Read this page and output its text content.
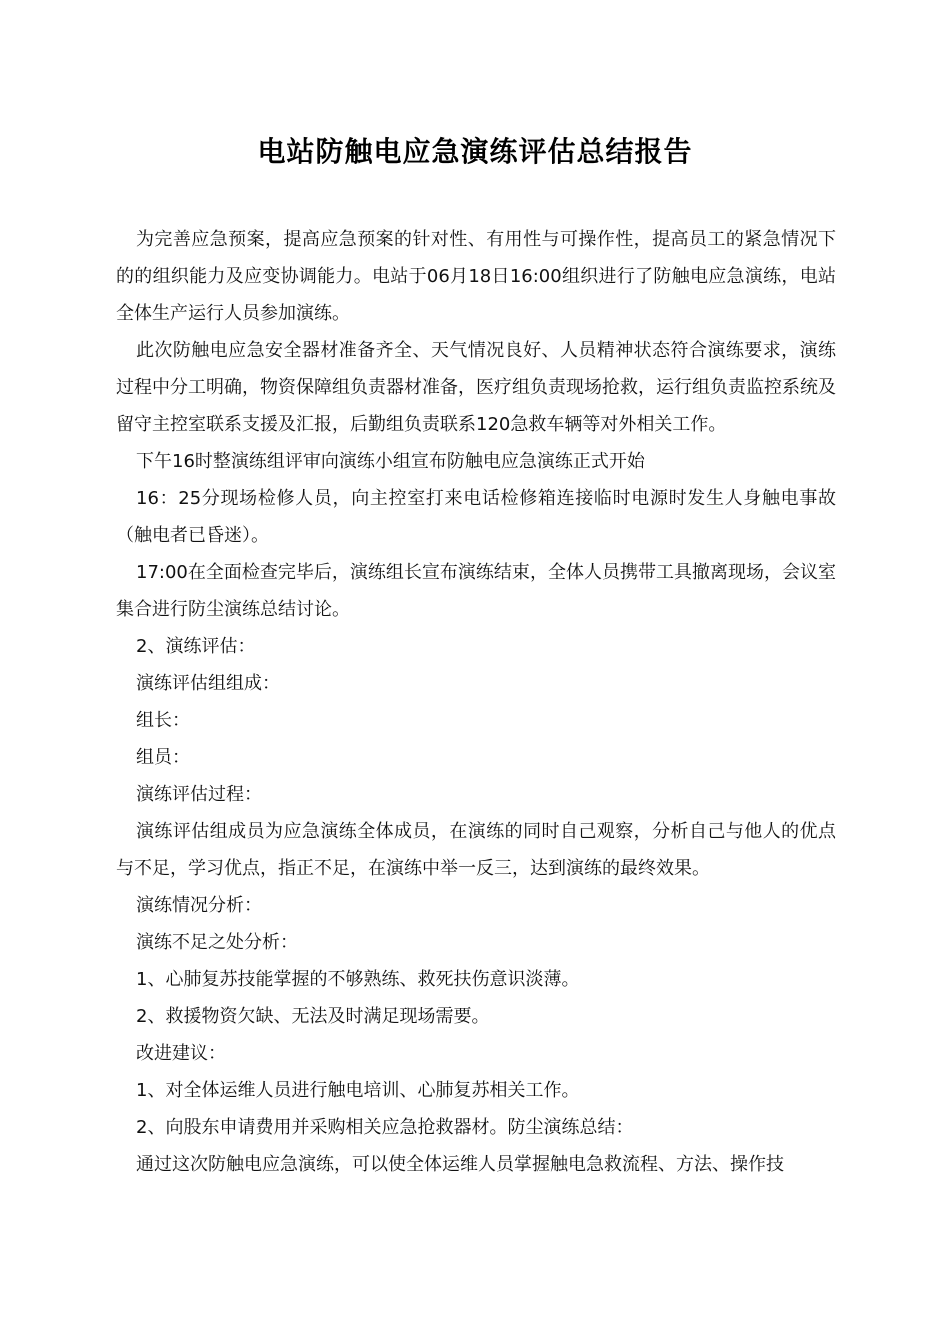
电站防触电应急演练评估总结报告

为完善应急预案，提高应急预案的针对性、有用性与可操作性，提高员工的紧急情况下的的组织能力及应变协调能力。电站于06月18日16:00组织进行了防触电应急演练，电站全体生产运行人员参加演练。

此次防触电应急安全器材准备齐全、天气情况良好、人员精神状态符合演练要求，演练过程中分工明确，物资保障组负责器材准备，医疗组负责现场抢救，运行组负责监控系统及留守主控室联系支援及汇报，后勤组负责联系120急救车辆等对外相关工作。

下午16时整演练组评审向演练小组宣布防触电应急演练正式开始

16：25分现场检修人员，向主控室打来电话检修箱连接临时电源时发生人身触电事故（触电者已昏迷）。

17:00在全面检查完毕后，演练组长宣布演练结束，全体人员携带工具撤离现场，会议室集合进行防尘演练总结讨论。

2、演练评估：

演练评估组组成：

组长：

组员：

演练评估过程：

演练评估组成员为应急演练全体成员，在演练的同时自己观察，分析自己与他人的优点与不足，学习优点，指正不足，在演练中举一反三，达到演练的最终效果。

演练情况分析：

演练不足之处分析：

1、心肺复苏技能掌握的不够熟练、救死扶伤意识淡薄。

2、救援物资欠缺、无法及时满足现场需要。

改进建议：

1、对全体运维人员进行触电培训、心肺复苏相关工作。

2、向股东申请费用并采购相关应急抢救器材。防尘演练总结：

通过这次防触电应急演练，可以使全体运维人员掌握触电急救流程、方法、操作技
